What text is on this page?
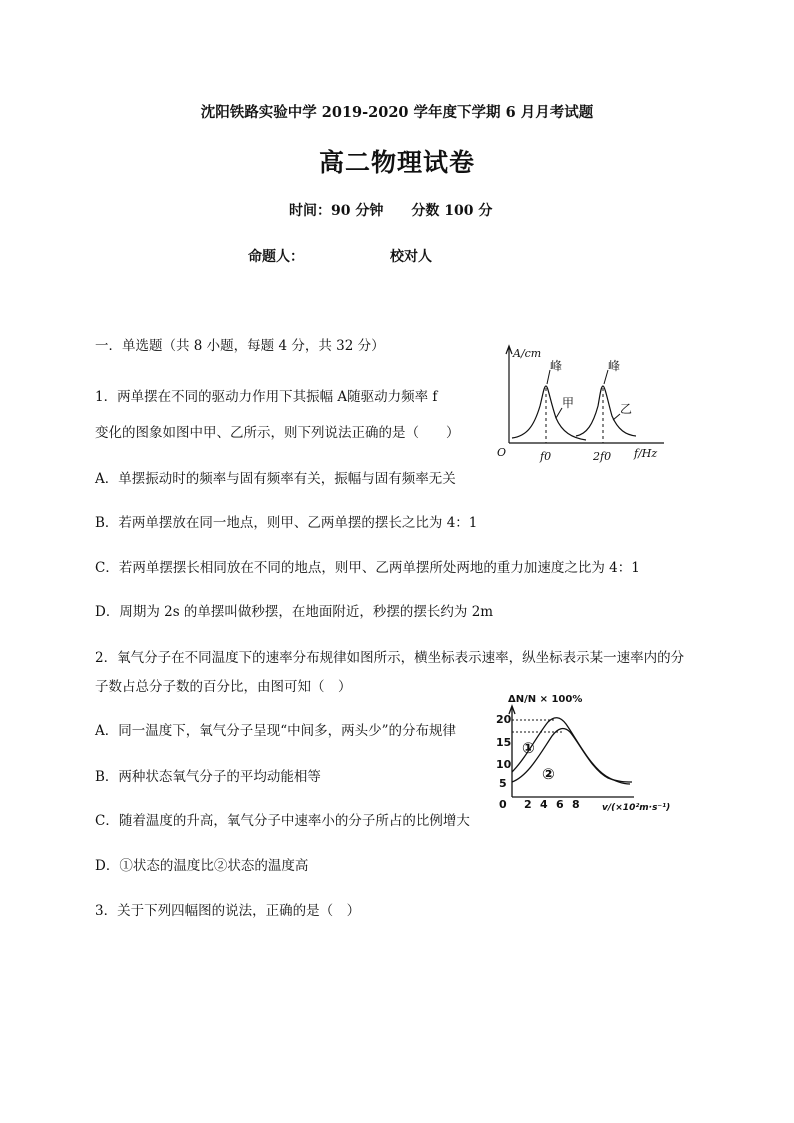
沈阳铁路实验中学 2019-2020 学年度下学期 6 月月考试题
高二物理试卷
时间：90 分钟 分数 100 分
命题人：	校对人
一．单选题（共 8 小题，每题 4 分，共 32 分）
1．两单摆在不同的驱动力作用下其振幅 A随驱动力频率 f
变化的图象如图中甲、乙所示，则下列说法正确的是（　　）
A．单摆振动时的频率与固有频率有关，振幅与固有频率无关
B．若两单摆放在同一地点，则甲、乙两单摆的摆长之比为 4：1
C．若两单摆摆长相同放在不同的地点，则甲、乙两单摆所处两地的重力加速度之比为 4：1
D．周期为 2s 的单摆叫做秒摆，在地面附近，秒摆的摆长约为 2m
2．氧气分子在不同温度下的速率分布规律如图所示，横坐标表示速率，纵坐标表示某一速率内的分
子数占总分子数的百分比，由图可知（　）
A．同一温度下，氧气分子呈现“中间多，两头少”的分布规律
B．两种状态氧气分子的平均动能相等
C．随着温度的升高，氧气分子中速率小的分子所占的比例增大
D．①状态的温度比②状态的温度高
3．关于下列四幅图的说法，正确的是（　）
A/cm
峰	峰
甲	乙
O	f0	2f0 f/Hz
ΔN/N × 100%
20
15
10
5
0 2 4 6 8 v/(×10²m·s⁻¹)
①
②
